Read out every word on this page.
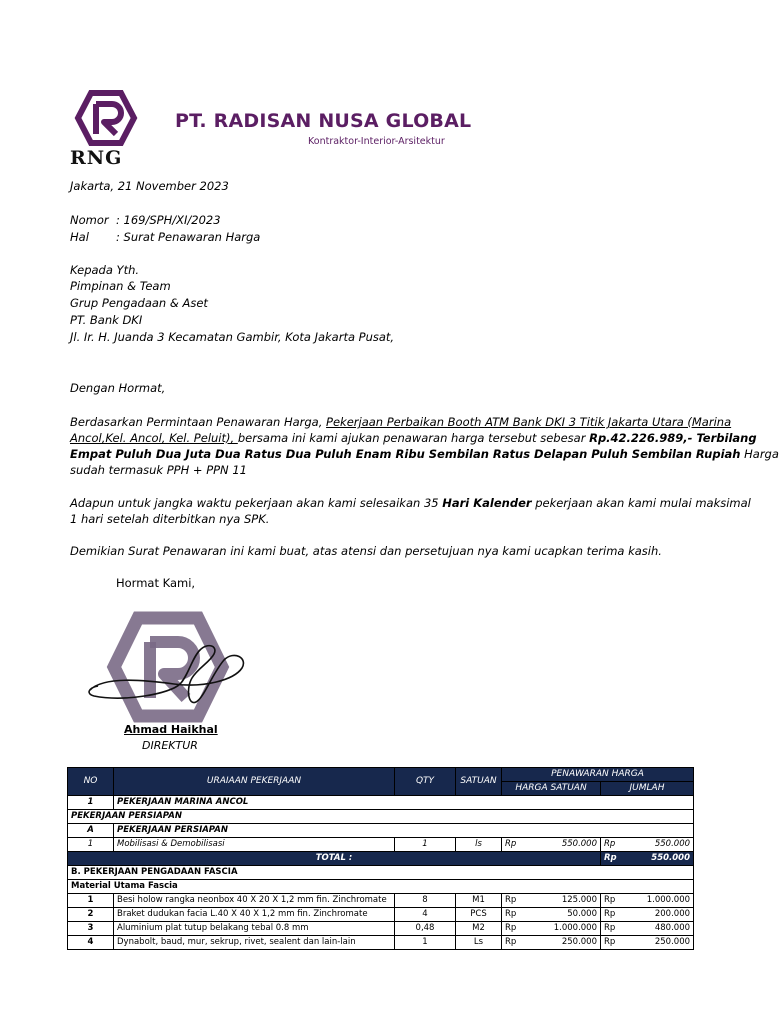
RNG
PT. RADISAN NUSA GLOBAL
Kontraktor-Interior-Arsitektur
Jakarta, 21 November 2023
Nomor : 169/SPH/XI/2023
Hal : Surat Penawaran Harga
Kepada Yth.
Pimpinan & Team
Grup Pengadaan & Aset
PT. Bank DKI
Jl. Ir. H. Juanda 3 Kecamatan Gambir, Kota Jakarta Pusat,
Dengan Hormat,
Berdasarkan Permintaan Penawaran Harga, Pekerjaan Perbaikan Booth ATM Bank DKI 3 Titik Jakarta Utara (Marina
Ancol,Kel. Ancol, Kel. Peluit), bersama ini kami ajukan penawaran harga tersebut sebesar Rp.42.226.989,- Terbilang
Empat Puluh Dua Juta Dua Ratus Dua Puluh Enam Ribu Sembilan Ratus Delapan Puluh Sembilan Rupiah Harga
sudah termasuk PPH + PPN 11
Adapun untuk jangka waktu pekerjaan akan kami selesaikan 35 Hari Kalender pekerjaan akan kami mulai maksimal
1 hari setelah diterbitkan nya SPK.
Demikian Surat Penawaran ini kami buat, atas atensi dan persetujuan nya kami ucapkan terima kasih.
Hormat Kami,
Ahmad Haikhal
DIREKTUR
NO	URAIAAN PEKERJAAN	QTY	SATUAN	PENAWARAN HARGA			
				HARGA SATUAN		JUMLAH	
1	PEKERJAAN MARINA ANCOL						
PEKERJAAN PERSIAPAN							
A	PEKERJAAN PERSIAPAN						
1	Mobilisasi & Demobilisasi	1	ls	Rp	550.000	Rp	550.000
TOTAL :						Rp	550.000
B. PEKERJAAN PENGADAAN FASCIA							
Material Utama Fascia							
1	Besi holow rangka neonbox 40 X 20 X 1,2 mm fin. Zinchromate	8	M1	Rp	125.000	Rp	1.000.000
2	Braket dudukan facia L.40 X 40 X 1,2 mm fin. Zinchromate	4	PCS	Rp	50.000	Rp	200.000
3	Aluminium plat tutup belakang tebal 0.8 mm	0,48	M2	Rp	1.000.000	Rp	480.000
4	Dynabolt, baud, mur, sekrup, rivet, sealent dan lain-lain	1	Ls	Rp	250.000	Rp	250.000
